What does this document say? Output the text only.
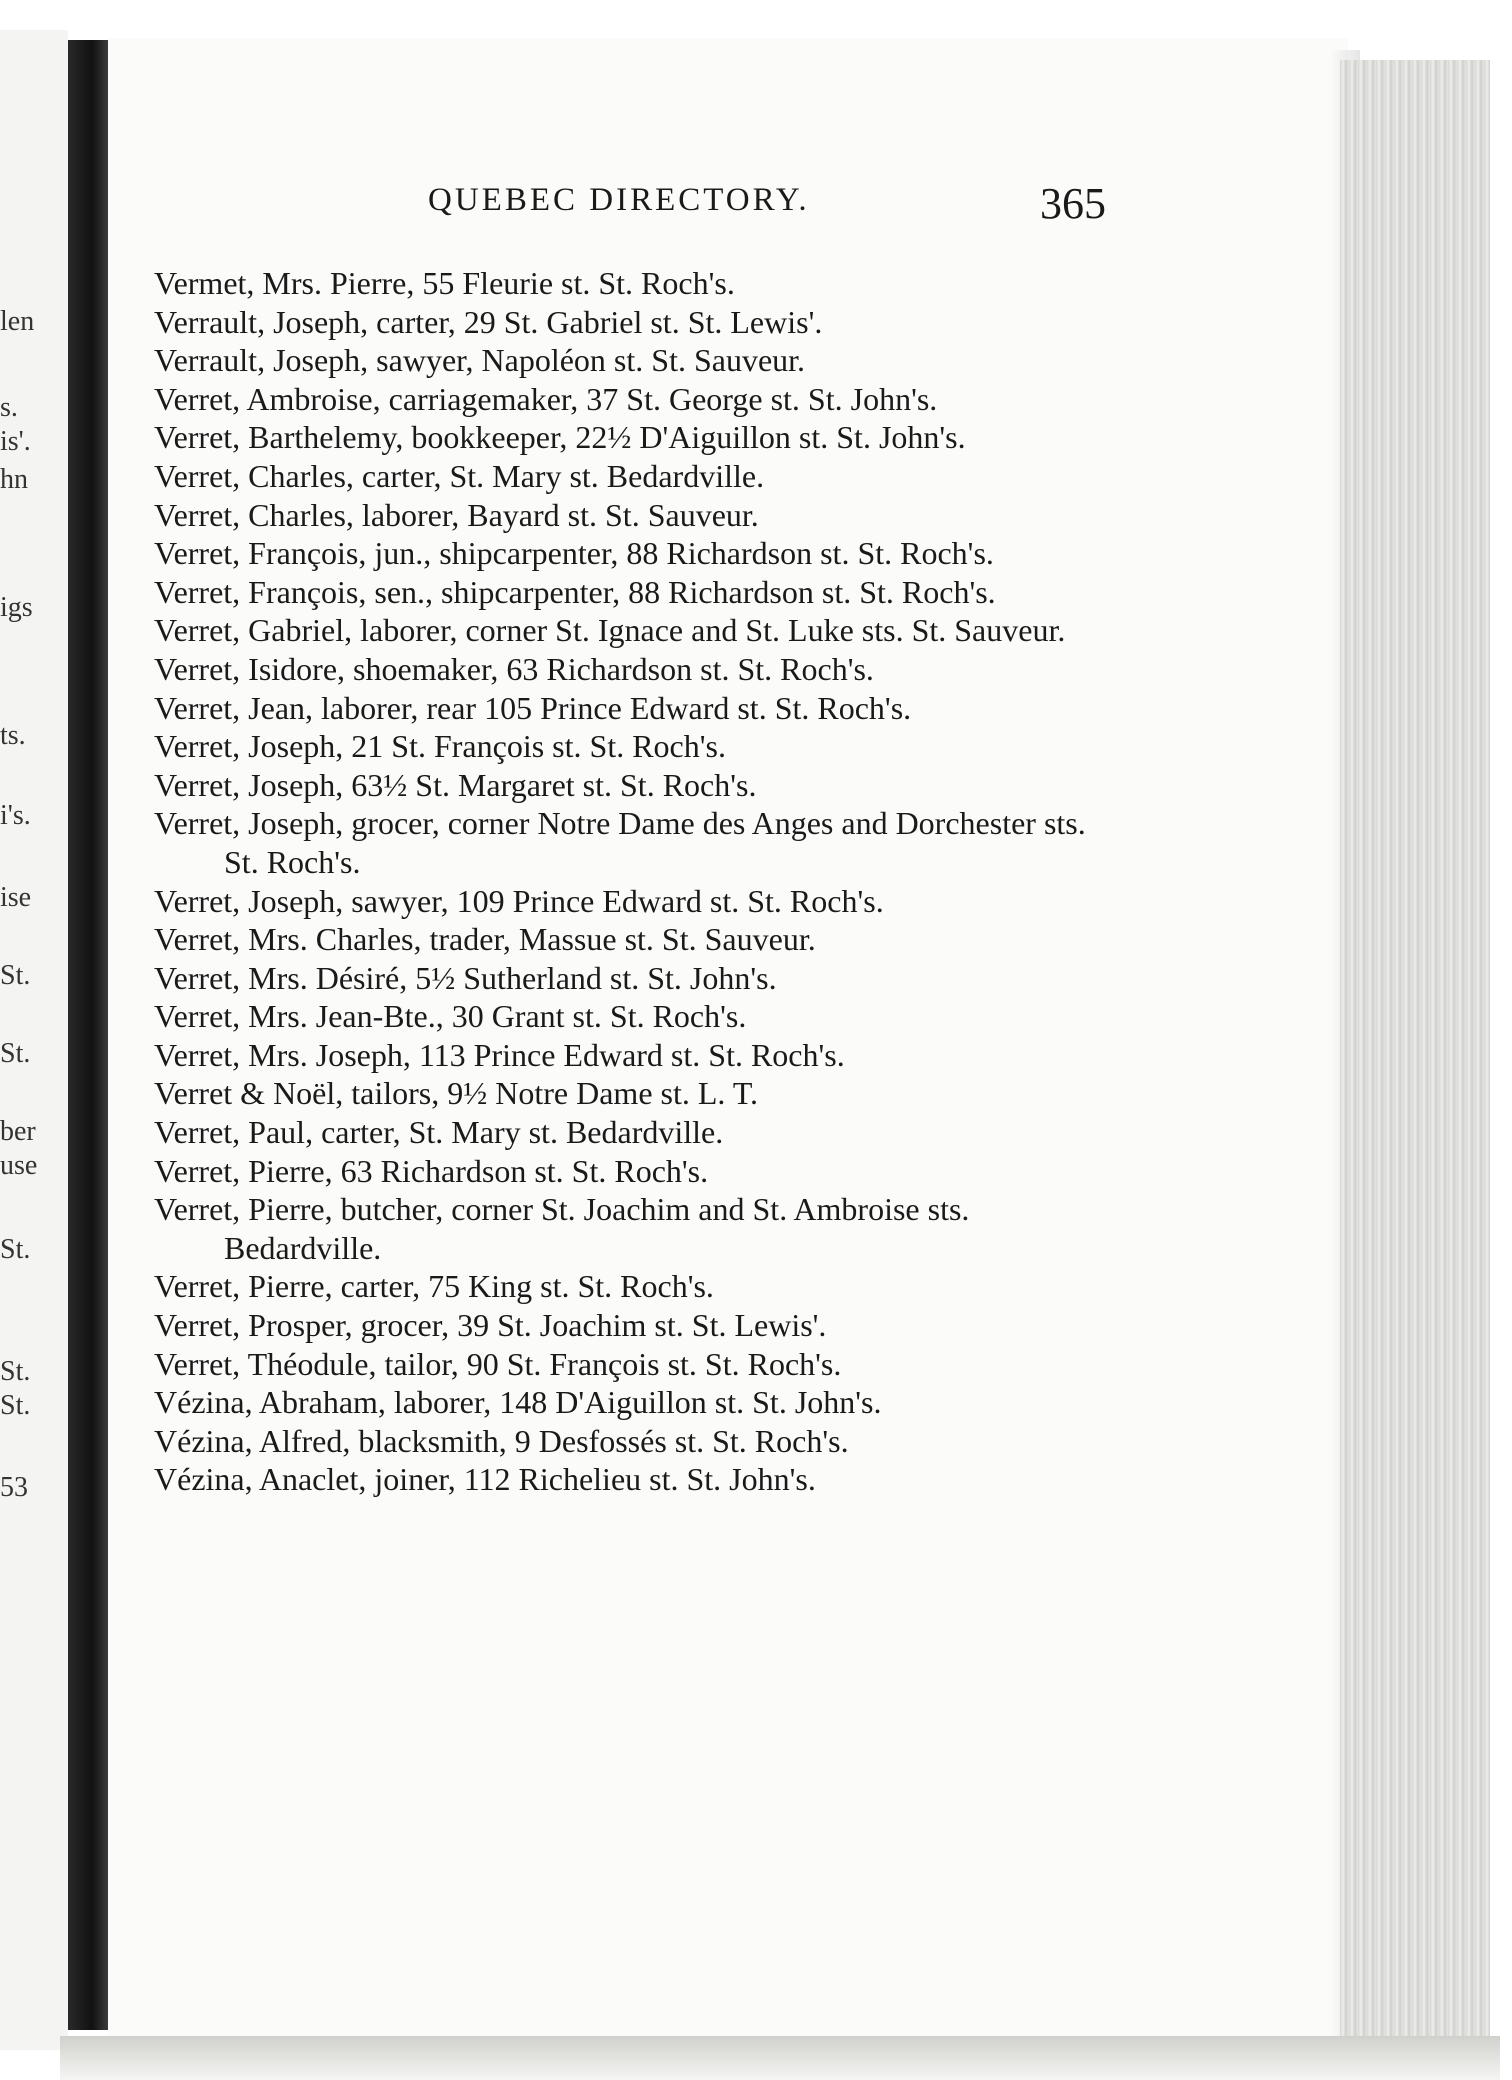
len
s.
is'.
hn
igs
ts.
i's.
ise
St.
St.
ber
use
St.
St.
St.
53
QUEBEC DIRECTORY.	365

Vermet, Mrs. Pierre, 55 Fleurie st. St. Roch's.

Verrault, Joseph, carter, 29 St. Gabriel st. St. Lewis'.

Verrault, Joseph, sawyer, Napoléon st. St. Sauveur.

Verret, Ambroise, carriagemaker, 37 St. George st. St. John's.

Verret, Barthelemy, bookkeeper, 22½ D'Aiguillon st. St. John's.

Verret, Charles, carter, St. Mary st. Bedardville.

Verret, Charles, laborer, Bayard st. St. Sauveur.

Verret, François, jun., shipcarpenter, 88 Richardson st. St. Roch's.

Verret, François, sen., shipcarpenter, 88 Richardson st. St. Roch's.

Verret, Gabriel, laborer, corner St. Ignace and St. Luke sts. St. Sauveur.

Verret, Isidore, shoemaker, 63 Richardson st. St. Roch's.

Verret, Jean, laborer, rear 105 Prince Edward st. St. Roch's.

Verret, Joseph, 21 St. François st. St. Roch's.

Verret, Joseph, 63½ St. Margaret st. St. Roch's.

Verret, Joseph, grocer, corner Notre Dame des Anges and Dorchester sts. St. Roch's.

Verret, Joseph, sawyer, 109 Prince Edward st. St. Roch's.

Verret, Mrs. Charles, trader, Massue st. St. Sauveur.

Verret, Mrs. Désiré, 5½ Sutherland st. St. John's.

Verret, Mrs. Jean-Bte., 30 Grant st. St. Roch's.

Verret, Mrs. Joseph, 113 Prince Edward st. St. Roch's.

Verret & Noël, tailors, 9½ Notre Dame st. L. T.

Verret, Paul, carter, St. Mary st. Bedardville.

Verret, Pierre, 63 Richardson st. St. Roch's.

Verret, Pierre, butcher, corner St. Joachim and St. Ambroise sts. Bedardville.

Verret, Pierre, carter, 75 King st. St. Roch's.

Verret, Prosper, grocer, 39 St. Joachim st. St. Lewis'.

Verret, Théodule, tailor, 90 St. François st. St. Roch's.

Vézina, Abraham, laborer, 148 D'Aiguillon st. St. John's.

Vézina, Alfred, blacksmith, 9 Desfossés st. St. Roch's.

Vézina, Anaclet, joiner, 112 Richelieu st. St. John's.
